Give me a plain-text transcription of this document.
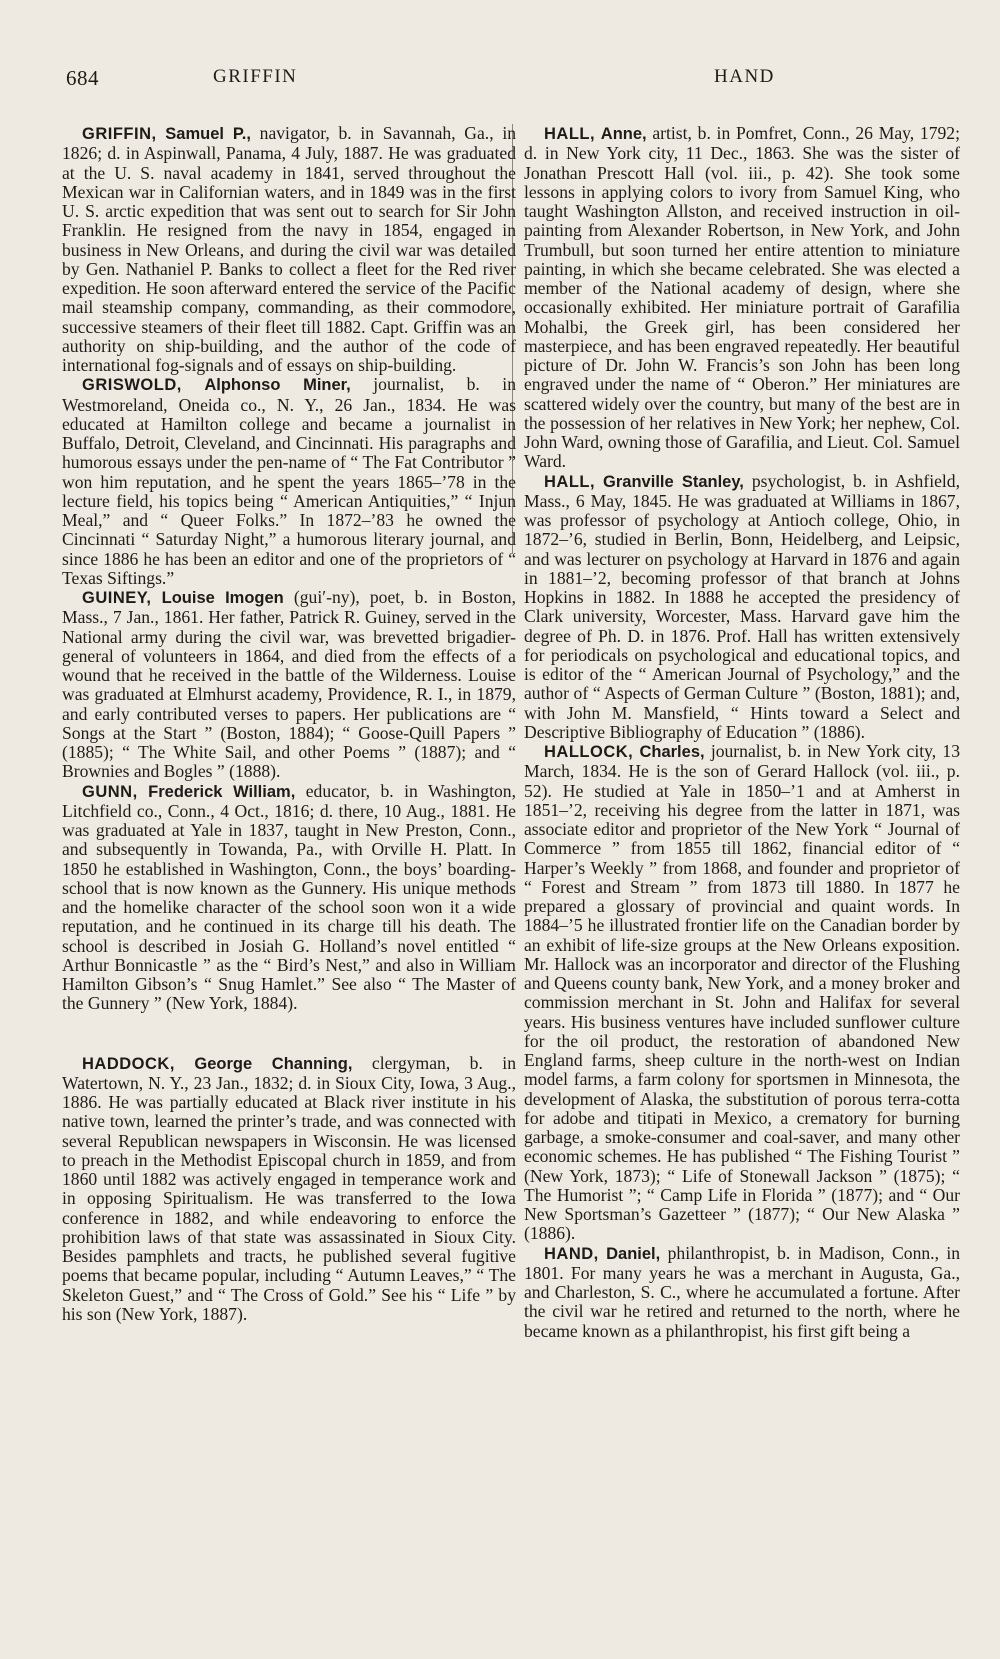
684	GRIFFIN	HAND

GRIFFIN, Samuel P., navigator, b. in Savannah, Ga., in 1826; d. in Aspinwall, Panama, 4 July, 1887. He was graduated at the U. S. naval academy in 1841, served throughout the Mexican war in Californian waters, and in 1849 was in the first U. S. arctic expedition that was sent out to search for Sir John Franklin. He resigned from the navy in 1854, engaged in business in New Orleans, and during the civil war was detailed by Gen. Nathaniel P. Banks to collect a fleet for the Red river expedition. He soon afterward entered the service of the Pacific mail steamship company, commanding, as their commodore, successive steamers of their fleet till 1882. Capt. Griffin was an authority on ship-building, and the author of the code of international fog-signals and of essays on ship-building.

GRISWOLD, Alphonso Miner, journalist, b. in Westmoreland, Oneida co., N. Y., 26 Jan., 1834. He was educated at Hamilton college and became a journalist in Buffalo, Detroit, Cleveland, and Cincinnati. His paragraphs and humorous essays under the pen-name of “ The Fat Contributor ” won him reputation, and he spent the years 1865–’78 in the lecture field, his topics being “ American Antiquities,” “ Injun Meal,” and “ Queer Folks.” In 1872–’83 he owned the Cincinnati “ Saturday Night,” a humorous literary journal, and since 1886 he has been an editor and one of the proprietors of “ Texas Siftings.”

GUINEY, Louise Imogen (gui′-ny), poet, b. in Boston, Mass., 7 Jan., 1861. Her father, Patrick R. Guiney, served in the National army during the civil war, was brevetted brigadier-general of volunteers in 1864, and died from the effects of a wound that he received in the battle of the Wilderness. Louise was graduated at Elmhurst academy, Providence, R. I., in 1879, and early contributed verses to papers. Her publications are “ Songs at the Start ” (Boston, 1884); “ Goose-Quill Papers ” (1885); “ The White Sail, and other Poems ” (1887); and “ Brownies and Bogles ” (1888).

GUNN, Frederick William, educator, b. in Washington, Litchfield co., Conn., 4 Oct., 1816; d. there, 10 Aug., 1881. He was graduated at Yale in 1837, taught in New Preston, Conn., and subsequently in Towanda, Pa., with Orville H. Platt. In 1850 he established in Washington, Conn., the boys’ boarding-school that is now known as the Gunnery. His unique methods and the homelike character of the school soon won it a wide reputation, and he continued in its charge till his death. The school is described in Josiah G. Holland’s novel entitled “ Arthur Bonnicastle ” as the “ Bird’s Nest,” and also in William Hamilton Gibson’s “ Snug Hamlet.” See also “ The Master of the Gunnery ” (New York, 1884).

HADDOCK, George Channing, clergyman, b. in Watertown, N. Y., 23 Jan., 1832; d. in Sioux City, Iowa, 3 Aug., 1886. He was partially educated at Black river institute in his native town, learned the printer’s trade, and was connected with several Republican newspapers in Wisconsin. He was licensed to preach in the Methodist Episcopal church in 1859, and from 1860 until 1882 was actively engaged in temperance work and in opposing Spiritualism. He was transferred to the Iowa conference in 1882, and while endeavoring to enforce the prohibition laws of that state was assassinated in Sioux City. Besides pamphlets and tracts, he published several fugitive poems that became popular, including “ Autumn Leaves,” “ The Skeleton Guest,” and “ The Cross of Gold.” See his “ Life ” by his son (New York, 1887).

HALL, Anne, artist, b. in Pomfret, Conn., 26 May, 1792; d. in New York city, 11 Dec., 1863. She was the sister of Jonathan Prescott Hall (vol. iii., p. 42). She took some lessons in applying colors to ivory from Samuel King, who taught Washington Allston, and received instruction in oil-painting from Alexander Robertson, in New York, and John Trumbull, but soon turned her entire attention to miniature painting, in which she became celebrated. She was elected a member of the National academy of design, where she occasionally exhibited. Her miniature portrait of Garafilia Mohalbi, the Greek girl, has been considered her masterpiece, and has been engraved repeatedly. Her beautiful picture of Dr. John W. Francis’s son John has been long engraved under the name of “ Oberon.” Her miniatures are scattered widely over the country, but many of the best are in the possession of her relatives in New York; her nephew, Col. John Ward, owning those of Garafilia, and Lieut. Col. Samuel Ward.

HALL, Granville Stanley, psychologist, b. in Ashfield, Mass., 6 May, 1845. He was graduated at Williams in 1867, was professor of psychology at Antioch college, Ohio, in 1872–’6, studied in Berlin, Bonn, Heidelberg, and Leipsic, and was lecturer on psychology at Harvard in 1876 and again in 1881–’2, becoming professor of that branch at Johns Hopkins in 1882. In 1888 he accepted the presidency of Clark university, Worcester, Mass. Harvard gave him the degree of Ph. D. in 1876. Prof. Hall has written extensively for periodicals on psychological and educational topics, and is editor of the “ American Journal of Psychology,” and the author of “ Aspects of German Culture ” (Boston, 1881); and, with John M. Mansfield, “ Hints toward a Select and Descriptive Bibliography of Education ” (1886).

HALLOCK, Charles, journalist, b. in New York city, 13 March, 1834. He is the son of Gerard Hallock (vol. iii., p. 52). He studied at Yale in 1850–’1 and at Amherst in 1851–’2, receiving his degree from the latter in 1871, was associate editor and proprietor of the New York “ Journal of Commerce ” from 1855 till 1862, financial editor of “ Harper’s Weekly ” from 1868, and founder and proprietor of “ Forest and Stream ” from 1873 till 1880. In 1877 he prepared a glossary of provincial and quaint words. In 1884–’5 he illustrated frontier life on the Canadian border by an exhibit of life-size groups at the New Orleans exposition. Mr. Hallock was an incorporator and director of the Flushing and Queens county bank, New York, and a money broker and commission merchant in St. John and Halifax for several years. His business ventures have included sunflower culture for the oil product, the restoration of abandoned New England farms, sheep culture in the north-west on Indian model farms, a farm colony for sportsmen in Minnesota, the development of Alaska, the substitution of porous terra-cotta for adobe and titipati in Mexico, a crematory for burning garbage, a smoke-consumer and coal-saver, and many other economic schemes. He has published “ The Fishing Tourist ” (New York, 1873); “ Life of Stonewall Jackson ” (1875); “ The Humorist ”; “ Camp Life in Florida ” (1877); and “ Our New Sportsman’s Gazetteer ” (1877); “ Our New Alaska ” (1886).

HAND, Daniel, philanthropist, b. in Madison, Conn., in 1801. For many years he was a merchant in Augusta, Ga., and Charleston, S. C., where he accumulated a fortune. After the civil war he retired and returned to the north, where he became known as a philanthropist, his first gift being a
